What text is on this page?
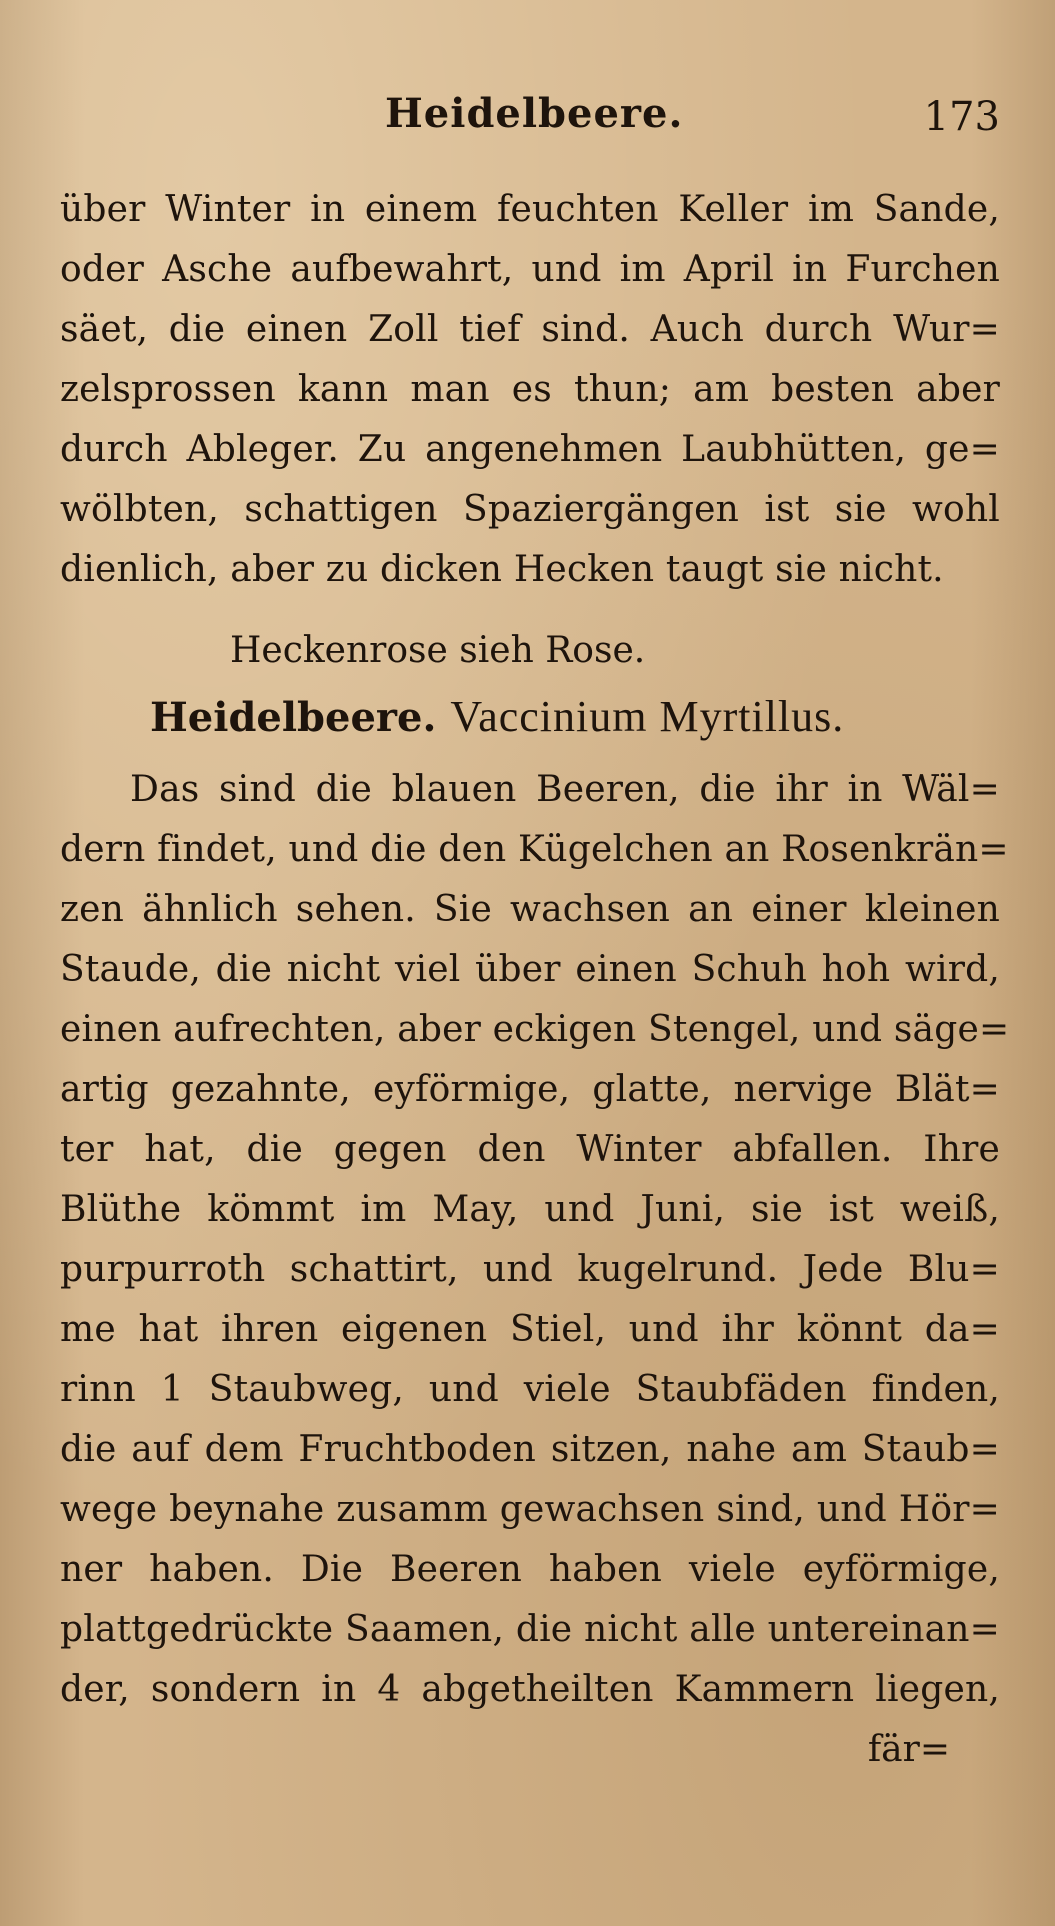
Heidelbeere.	173
über Winter in einem feuchten Keller im Sande,
oder Asche aufbewahrt, und im April in Furchen
säet, die einen Zoll tief sind. Auch durch Wur=
zelsprossen kann man es thun; am besten aber
durch Ableger. Zu angenehmen Laubhütten, ge=
wölbten, schattigen Spaziergängen ist sie wohl
dienlich, aber zu dicken Hecken taugt sie nicht.
Heckenrose sieh Rose.
Heidelbeere. Vaccinium Myrtillus.
Das sind die blauen Beeren, die ihr in Wäl=
dern findet, und die den Kügelchen an Rosenkrän=
zen ähnlich sehen. Sie wachsen an einer kleinen
Staude, die nicht viel über einen Schuh hoh wird,
einen aufrechten, aber eckigen Stengel, und säge=
artig gezahnte, eyförmige, glatte, nervige Blät=
ter hat, die gegen den Winter abfallen. Ihre
Blüthe kömmt im May, und Juni, sie ist weiß,
purpurroth schattirt, und kugelrund. Jede Blu=
me hat ihren eigenen Stiel, und ihr könnt da=
rinn 1 Staubweg, und viele Staubfäden finden,
die auf dem Fruchtboden sitzen, nahe am Staub=
wege beynahe zusamm gewachsen sind, und Hör=
ner haben. Die Beeren haben viele eyförmige,
plattgedrückte Saamen, die nicht alle untereinan=
der, sondern in 4 abgetheilten Kammern liegen,
fär=
